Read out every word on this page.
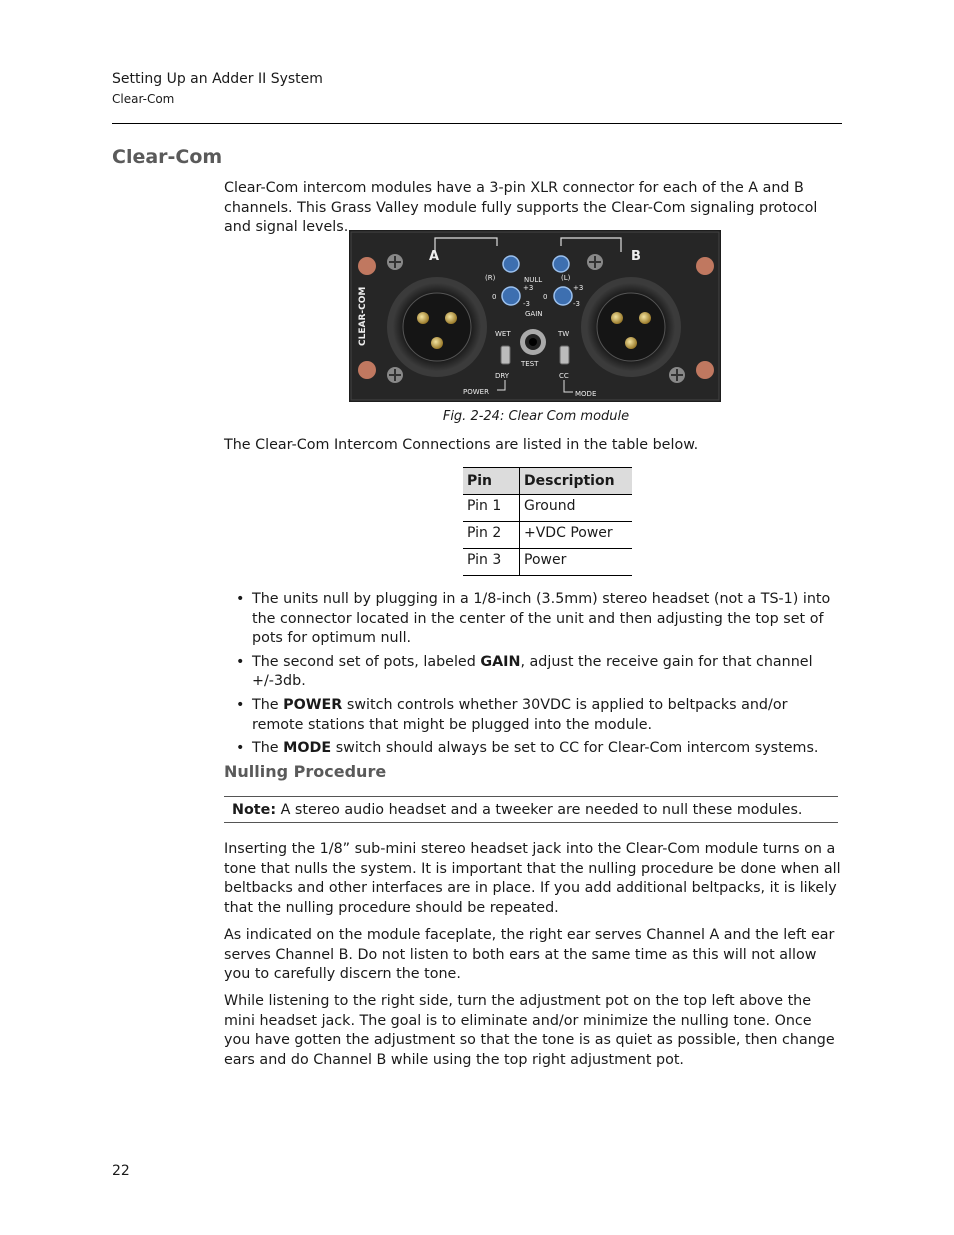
Setting Up an Adder II System
Clear-Com
Clear-Com
Clear-Com intercom modules have a 3-pin XLR connector for each of the A and B channels. This Grass Valley module fully supports the Clear-Com signaling protocol and signal levels.
A	B
CLEAR-COM
(R)	NULL	(L)
+3
0
-3
+3
0
-3
GAIN
TEST
WET
DRY
POWER
TW
CC
MODE
Fig. 2-24: Clear Com module
The Clear-Com Intercom Connections are listed in the table below.
Pin	Description
Pin 1	Ground
Pin 2	+VDC Power
Pin 3	Power
• The units null by plugging in a 1/8-inch (3.5mm) stereo headset (not a TS-1) into the connector located in the center of the unit and then adjusting the top set of pots for optimum null.
• The second set of pots, labeled GAIN, adjust the receive gain for that channel +/-3db.
• The POWER switch controls whether 30VDC is applied to beltpacks and/or remote stations that might be plugged into the module.
• The MODE switch should always be set to CC for Clear-Com intercom systems.
Nulling Procedure
Note: A stereo audio headset and a tweeker are needed to null these modules.
Inserting the 1/8” sub-mini stereo headset jack into the Clear-Com module turns on a tone that nulls the system. It is important that the nulling procedure be done when all beltbacks and other interfaces are in place. If you add additional beltpacks, it is likely that the nulling procedure should be repeated.
As indicated on the module faceplate, the right ear serves Channel A and the left ear serves Channel B. Do not listen to both ears at the same time as this will not allow you to carefully discern the tone.
While listening to the right side, turn the adjustment pot on the top left above the mini headset jack. The goal is to eliminate and/or minimize the nulling tone. Once you have gotten the adjustment so that the tone is as quiet as possible, then change ears and do Channel B while using the top right adjustment pot.
22
